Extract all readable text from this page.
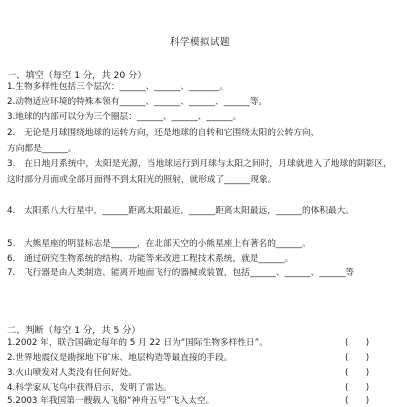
科学模拟试题
一、填空（每空 1 分，共 20 分）
1.生物多样性包括三个层次：______、______、_______。
2.动物适应环境的特殊本领有______、______、______、______等。
3.地球的内部可以分为三个圈层：______、______、______。
2.　无论是月球围绕地球的运转方向，还是地球的自转和它围绕太阳的公转方向，
方向都是______。
3.　在日地月系统中，太阳是光源，当地球运行到月球与太阳之间时，月球就进入了地球的阴影区，这时部分月面或全部月面得不到太阳光的照射，就形成了______现象。
4.　太阳系八大行星中，______距离太阳最近，______距离太阳最远，______的体积最大。
5.　大熊星座的明显标志是______，在北部天空的小熊星座上有著名的______。
6.　通过研究生物系统的结构、功能等来改进工程技术系统，就是______。
7.　飞行器是由人类制造、能离开地面飞行的器械或装置，包括______、______、______等
二、判断（每空 1 分，共 5 分）
1.2002 年，联合国确定每年的 5 月 22 日为“国际生物多样性日”。	(　　)
2.世界地震仪是勘探地下矿床、地层构造等最直接的手段。	(　　)
3.火山喷发对人类没有任何好处。	(　　)
4.科学家从飞鸟中获得启示，发明了雷达。	(　　)
5.2003 年我国第一艘载人飞船“神舟五号”飞入太空。	(　　)
